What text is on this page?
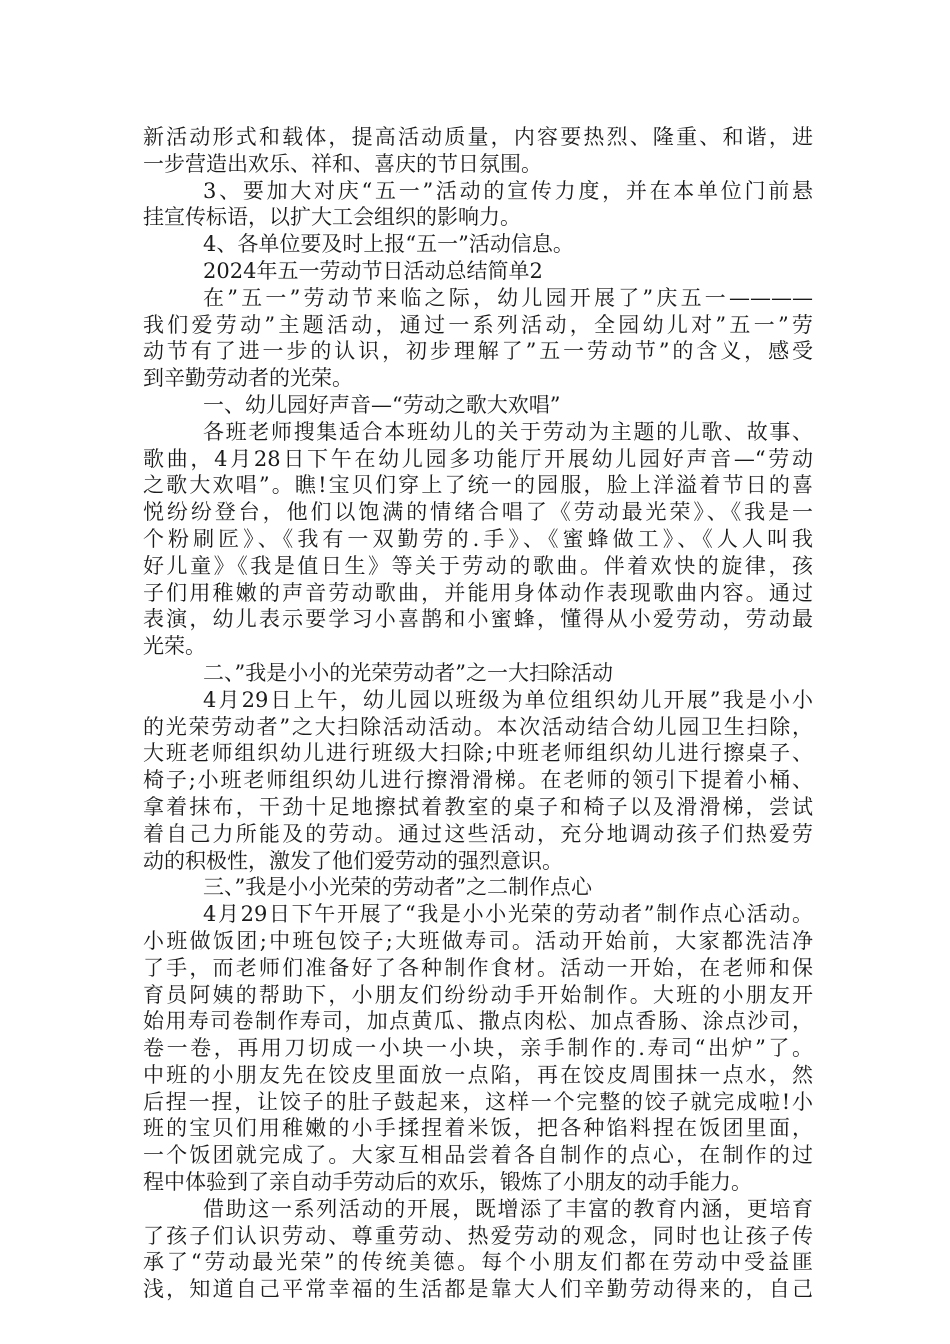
新活动形式和载体，提高活动质量，内容要热烈、隆重、和谐，进
一步营造出欢乐、祥和、喜庆的节日氛围。
3、要加大对庆“五一”活动的宣传力度，并在本单位门前悬
挂宣传标语，以扩大工会组织的影响力。
4、各单位要及时上报“五一”活动信息。
2024年五一劳动节日活动总结简单2
在”五一”劳动节来临之际，幼儿园开展了”庆五一————
我们爱劳动”主题活动，通过一系列活动，全园幼儿对”五一”劳
动节有了进一步的认识，初步理解了”五一劳动节”的含义，感受
到辛勤劳动者的光荣。
一、幼儿园好声音—“劳动之歌大欢唱”
各班老师搜集适合本班幼儿的关于劳动为主题的儿歌、故事、
歌曲，4月28日下午在幼儿园多功能厅开展幼儿园好声音—“劳动
之歌大欢唱”。瞧!宝贝们穿上了统一的园服，脸上洋溢着节日的喜
悦纷纷登台，他们以饱满的情绪合唱了《劳动最光荣》、《我是一
个粉刷匠》、《我有一双勤劳的.手》、《蜜蜂做工》、《人人叫我
好儿童》《我是值日生》等关于劳动的歌曲。伴着欢快的旋律，孩
子们用稚嫩的声音劳动歌曲，并能用身体动作表现歌曲内容。通过
表演，幼儿表示要学习小喜鹊和小蜜蜂，懂得从小爱劳动，劳动最
光荣。
二、”我是小小的光荣劳动者”之一大扫除活动
4月29日上午，幼儿园以班级为单位组织幼儿开展”我是小小
的光荣劳动者”之大扫除活动活动。本次活动结合幼儿园卫生扫除，
大班老师组织幼儿进行班级大扫除;中班老师组织幼儿进行擦桌子、
椅子;小班老师组织幼儿进行擦滑滑梯。在老师的领引下提着小桶、
拿着抹布，干劲十足地擦拭着教室的桌子和椅子以及滑滑梯，尝试
着自己力所能及的劳动。通过这些活动，充分地调动孩子们热爱劳
动的积极性，激发了他们爱劳动的强烈意识。
三、”我是小小光荣的劳动者”之二制作点心
4月29日下午开展了“我是小小光荣的劳动者”制作点心活动。
小班做饭团;中班包饺子;大班做寿司。活动开始前，大家都洗洁净
了手，而老师们准备好了各种制作食材。活动一开始，在老师和保
育员阿姨的帮助下，小朋友们纷纷动手开始制作。大班的小朋友开
始用寿司卷制作寿司，加点黄瓜、撒点肉松、加点香肠、涂点沙司，
卷一卷，再用刀切成一小块一小块，亲手制作的.寿司“出炉”了。
中班的小朋友先在饺皮里面放一点陷，再在饺皮周围抹一点水，然
后捏一捏，让饺子的肚子鼓起来，这样一个完整的饺子就完成啦!小
班的宝贝们用稚嫩的小手揉捏着米饭，把各种馅料捏在饭团里面，
一个饭团就完成了。大家互相品尝着各自制作的点心，在制作的过
程中体验到了亲自动手劳动后的欢乐，锻炼了小朋友的动手能力。
借助这一系列活动的开展，既增添了丰富的教育内涵，更培育
了孩子们认识劳动、尊重劳动、热爱劳动的观念，同时也让孩子传
承了“劳动最光荣”的传统美德。每个小朋友们都在劳动中受益匪
浅，知道自己平常幸福的生活都是靠大人们辛勤劳动得来的，自己
